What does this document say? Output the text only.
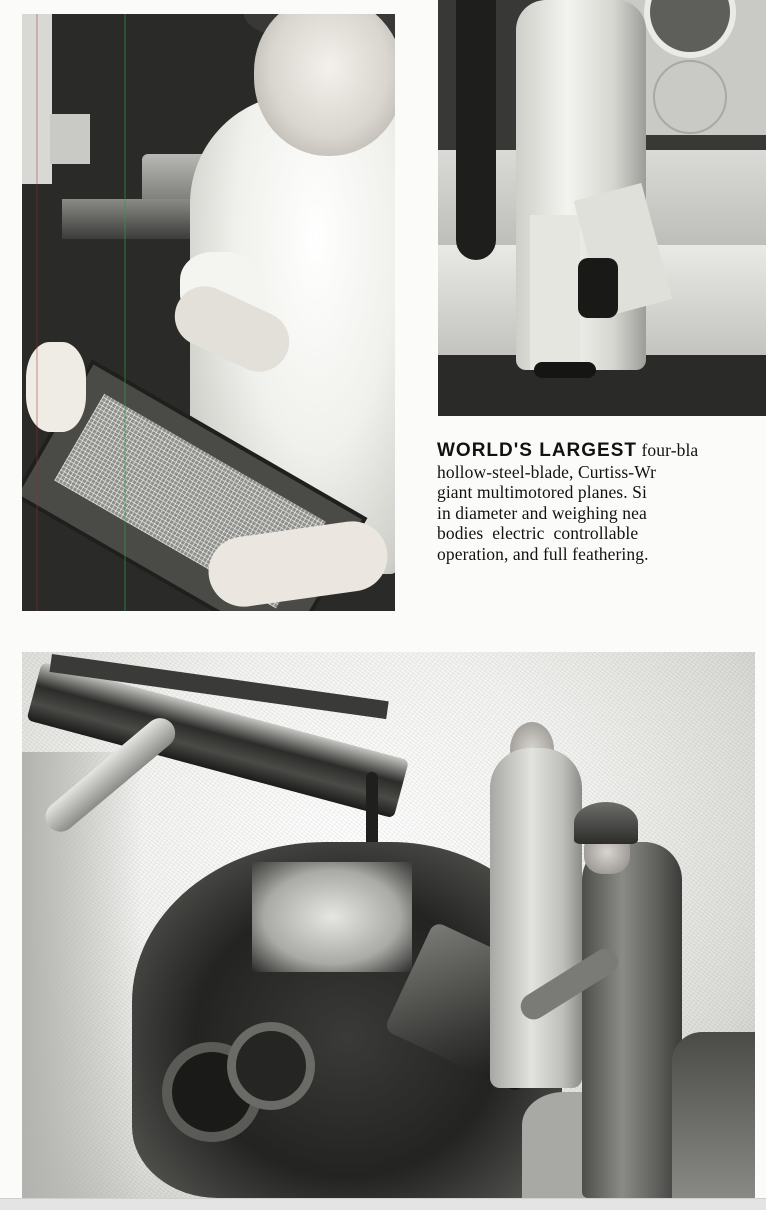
WORLD'S LARGEST four-bla
hollow-steel-blade, Curtiss-Wr
giant multimotored planes. Si
in diameter and weighing nea
bodies  electric  controllable
operation, and full feathering.
